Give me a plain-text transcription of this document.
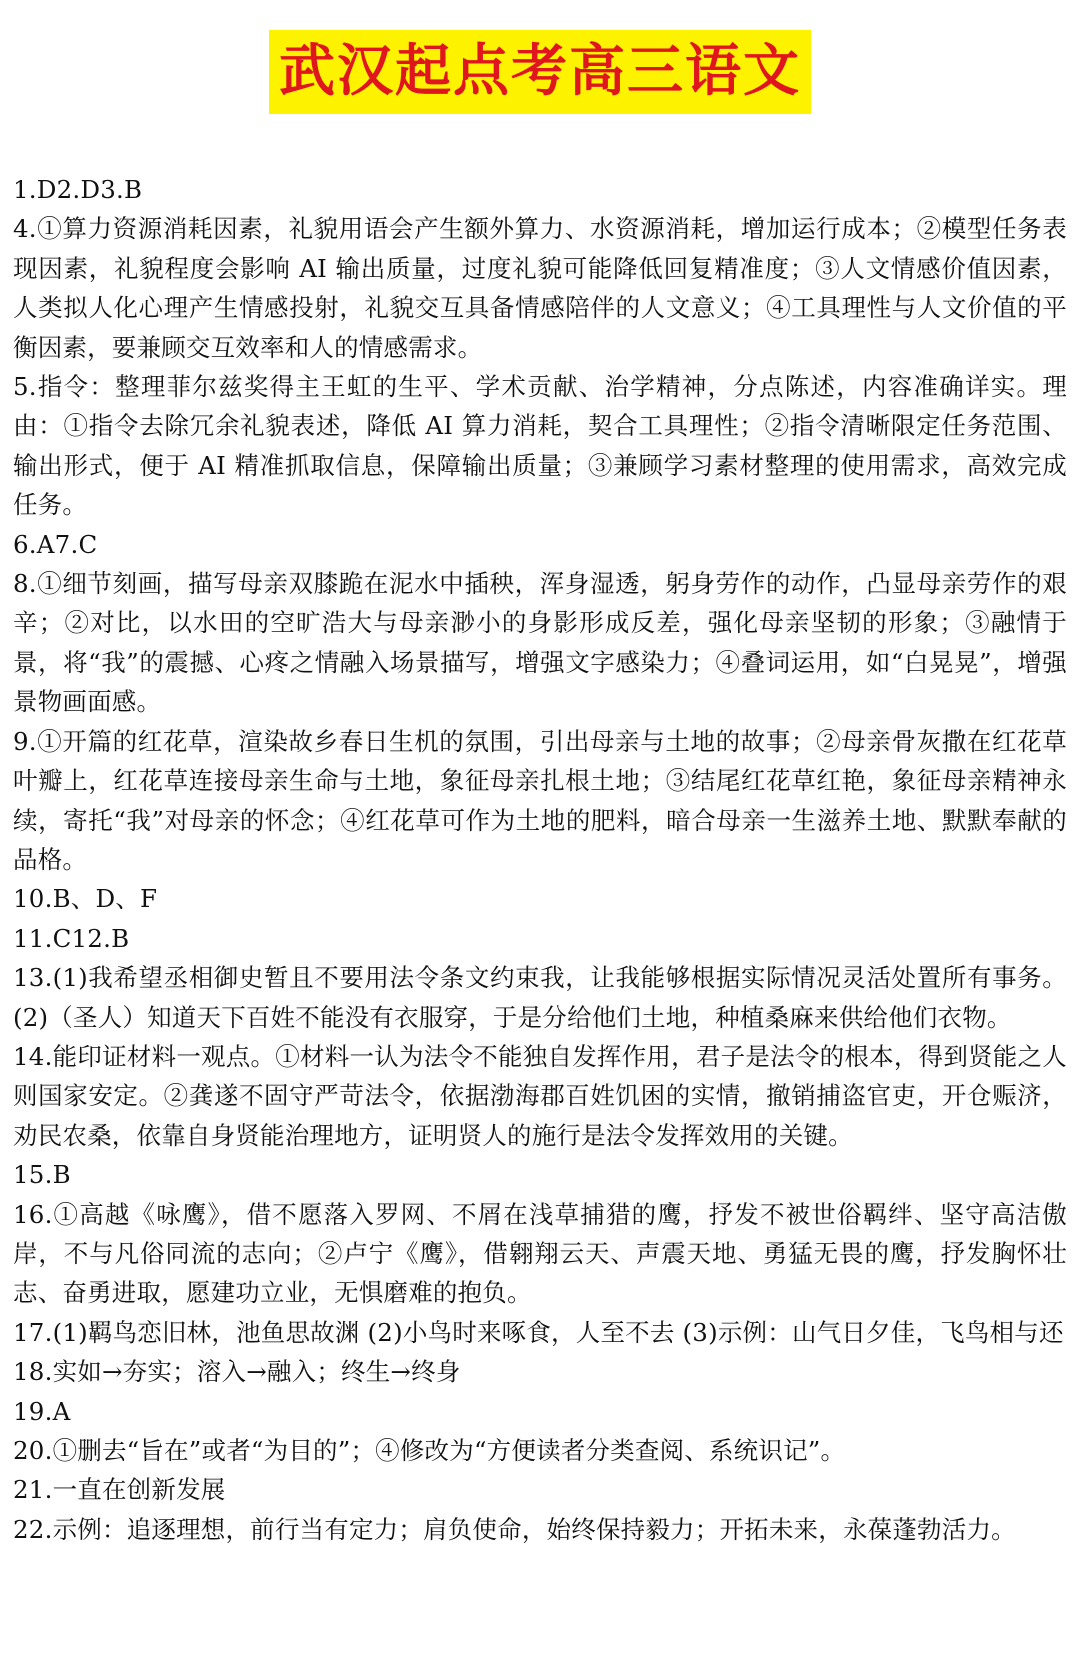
武汉起点考高三语文
1.D2.D3.B
4.①算力资源消耗因素，礼貌用语会产生额外算力、水资源消耗，增加运行成本；②模型任务表现因素，礼貌程度会影响 AI 输出质量，过度礼貌可能降低回复精准度；③人文情感价值因素，人类拟人化心理产生情感投射，礼貌交互具备情感陪伴的人文意义；④工具理性与人文价值的平衡因素，要兼顾交互效率和人的情感需求。
5.指令：整理菲尔兹奖得主王虹的生平、学术贡献、治学精神，分点陈述，内容准确详实。理由：①指令去除冗余礼貌表述，降低 AI 算力消耗，契合工具理性；②指令清晰限定任务范围、输出形式，便于 AI 精准抓取信息，保障输出质量；③兼顾学习素材整理的使用需求，高效完成任务。
6.A7.C
8.①细节刻画，描写母亲双膝跪在泥水中插秧，浑身湿透，躬身劳作的动作，凸显母亲劳作的艰辛；②对比，以水田的空旷浩大与母亲渺小的身影形成反差，强化母亲坚韧的形象；③融情于景，将“我”的震撼、心疼之情融入场景描写，增强文字感染力；④叠词运用，如“白晃晃”，增强景物画面感。
9.①开篇的红花草，渲染故乡春日生机的氛围，引出母亲与土地的故事；②母亲骨灰撒在红花草叶瓣上，红花草连接母亲生命与土地，象征母亲扎根土地；③结尾红花草红艳，象征母亲精神永续，寄托“我”对母亲的怀念；④红花草可作为土地的肥料，暗合母亲一生滋养土地、默默奉献的品格。
10.B、D、F
11.C12.B
13.(1)我希望丞相御史暂且不要用法令条文约束我，让我能够根据实际情况灵活处置所有事务。(2)（圣人）知道天下百姓不能没有衣服穿，于是分给他们土地，种植桑麻来供给他们衣物。
14.能印证材料一观点。①材料一认为法令不能独自发挥作用，君子是法令的根本，得到贤能之人则国家安定。②龚遂不固守严苛法令，依据渤海郡百姓饥困的实情，撤销捕盗官吏，开仓赈济，劝民农桑，依靠自身贤能治理地方，证明贤人的施行是法令发挥效用的关键。
15.B
16.①高越《咏鹰》，借不愿落入罗网、不屑在浅草捕猎的鹰，抒发不被世俗羁绊、坚守高洁傲岸，不与凡俗同流的志向；②卢宁《鹰》，借翱翔云天、声震天地、勇猛无畏的鹰，抒发胸怀壮志、奋勇进取，愿建功立业，无惧磨难的抱负。
17.(1)羁鸟恋旧林，池鱼思故渊 (2)小鸟时来啄食，人至不去 (3)示例：山气日夕佳，飞鸟相与还
18.实如→夯实；溶入→融入；终生→终身
19.A
20.①删去“旨在”或者“为目的”；④修改为“方便读者分类查阅、系统识记”。
21.一直在创新发展
22.示例：追逐理想，前行当有定力；肩负使命，始终保持毅力；开拓未来，永葆蓬勃活力。
